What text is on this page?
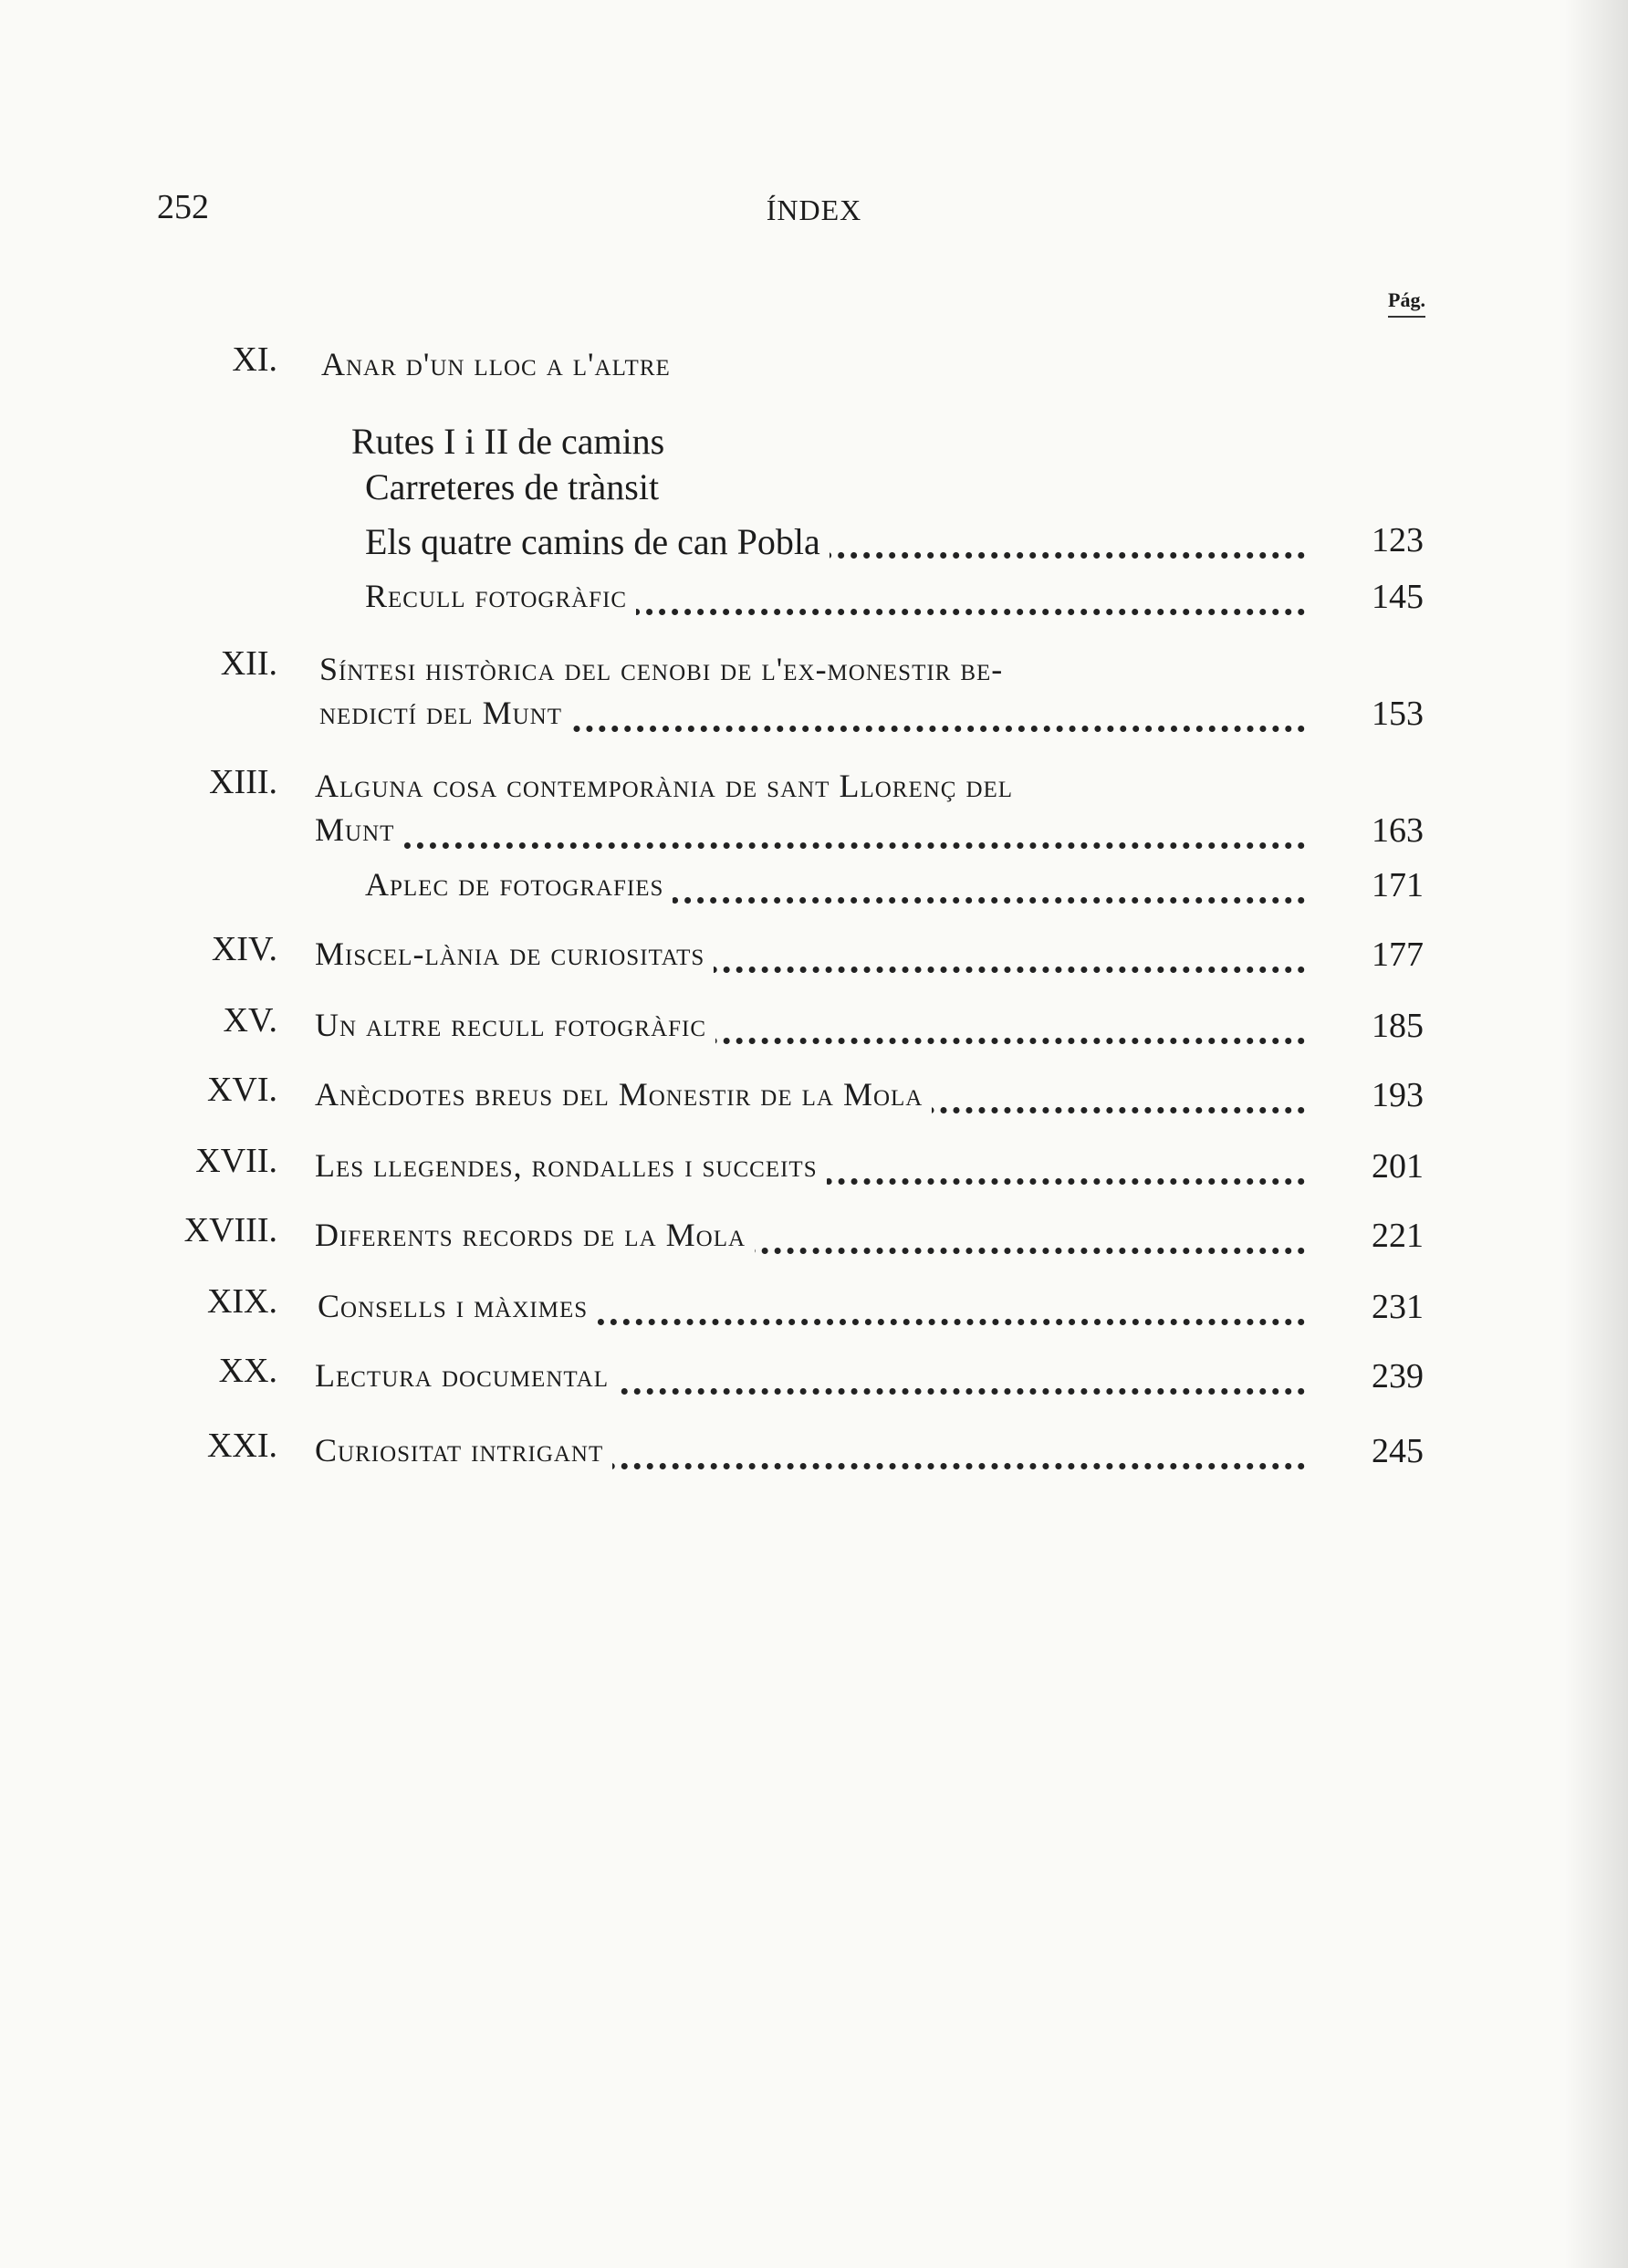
252	ÍNDEX
Pág.
XI. Anar d'un lloc a l'altre
Rutes I i II de camins
Carreteres de trànsit
Els quatre camins de can Pobla	123
Recull fotogràfic	145
XII. Síntesi històrica del cenobi de l'ex-monestir be-
nedictí del Munt	153
XIII. Alguna cosa contemporània de sant Llorenç del
Munt	163
Aplec de fotografies	171
XIV. Miscel-lània de curiositats	177
XV. Un altre recull fotogràfic	185
XVI. Anècdotes breus del Monestir de la Mola	193
XVII. Les llegendes, rondalles i succeits	201
XVIII. Diferents records de la Mola	221
XIX. Consells i màximes	231
XX. Lectura documental	239
XXI. Curiositat intrigant	245
